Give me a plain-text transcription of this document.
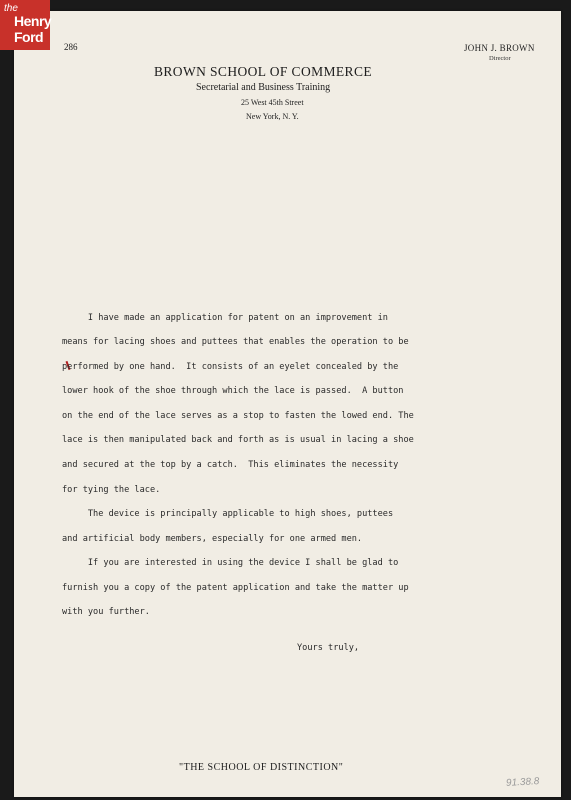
286	JOHN J. BROWN
Director
BROWN SCHOOL OF COMMERCE
Secretarial and Business Training
25 West 45th Street
New York, N. Y.
I have made an application for patent on an improvement in
means for lacing shoes and puttees that enables the operation to be
performed by one hand.  It consists of an eyelet concealed by the
lower hook of the shoe through which the lace is passed.  A button
on the end of the lace serves as a stop to fasten the lowed end. The
lace is then manipulated back and forth as is usual in lacing a shoe
and secured at the top by a catch.  This eliminates the necessity
for tying the lace.
The device is principally applicable to high shoes, puttees
and artificial body members, especially for one armed men.
If you are interested in using the device I shall be glad to
furnish you a copy of the patent application and take the matter up
with you further.
Yours truly,
"THE SCHOOL OF DISTINCTION"
91.38.8
the
Henry
Ford
